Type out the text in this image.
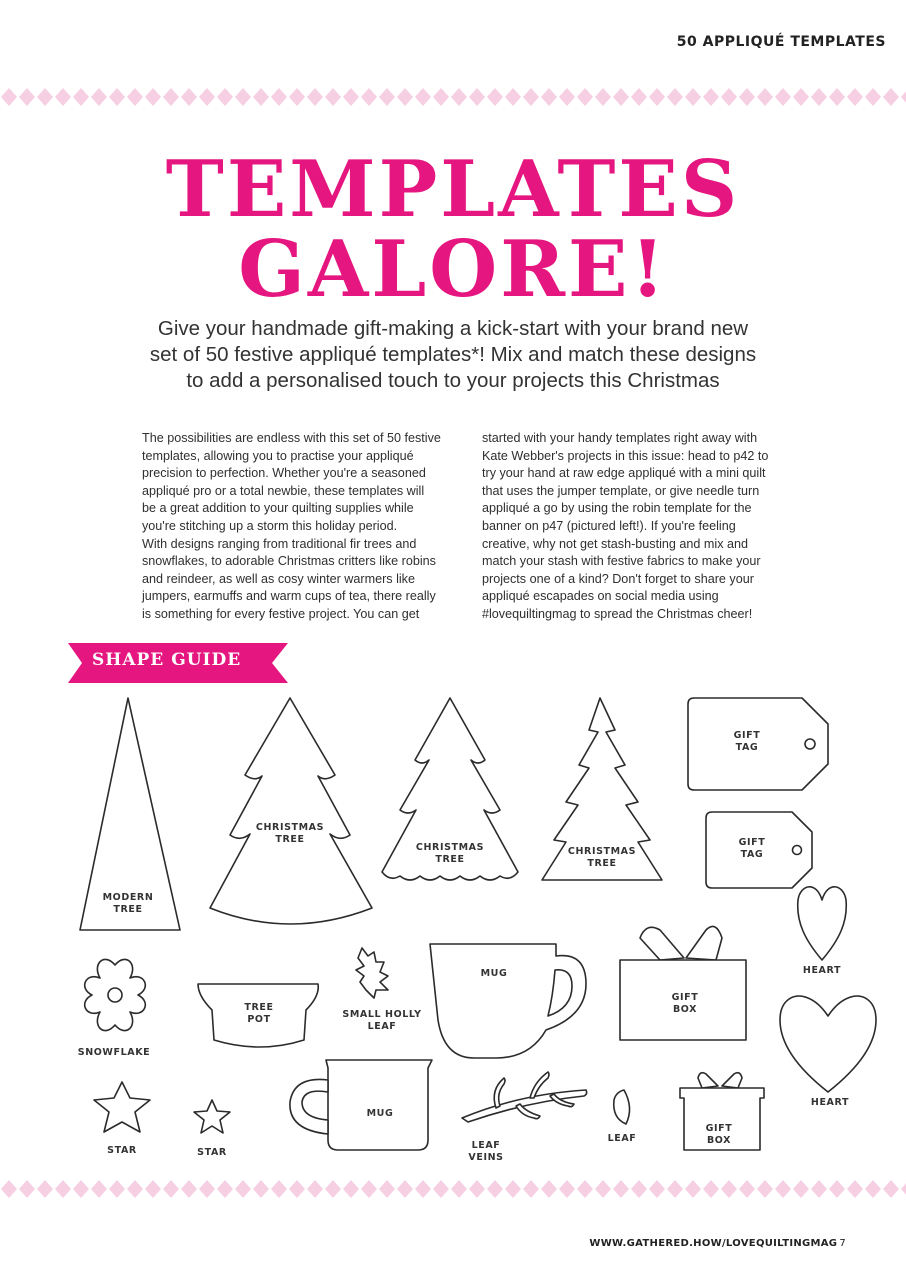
50 APPLIQUÉ TEMPLATES
TEMPLATES
GALORE!
Give your handmade gift-making a kick-start with your brand new
set of 50 festive appliqué templates*! Mix and match these designs
to add a personalised touch to your projects this Christmas

The possibilities are endless with this set of 50 festive

templates, allowing you to practise your appliqué

precision to perfection. Whether you're a seasoned

appliqué pro or a total newbie, these templates will

be a great addition to your quilting supplies while

you're stitching up a storm this holiday period.

With designs ranging from traditional fir trees and

snowflakes, to adorable Christmas critters like robins

and reindeer, as well as cosy winter warmers like

jumpers, earmuffs and warm cups of tea, there really

is something for every festive project. You can get

started with your handy templates right away with

Kate Webber's projects in this issue: head to p42 to

try your hand at raw edge appliqué with a mini quilt

that uses the jumper template, or give needle turn

appliqué a go by using the robin template for the

banner on p47 (pictured left!). If you're feeling

creative, why not get stash-busting and mix and

match your stash with festive fabrics to make your

projects one of a kind? Don't forget to share your

appliqué escapades on social media using

#lovequiltingmag to spread the Christmas cheer!

SHAPE GUIDE
MODERN
TREE
CHRISTMAS
TREE
CHRISTMAS
TREE
CHRISTMAS
TREE
GIFT
TAG
GIFT
TAG
HEART
SNOWFLAKE
TREE
POT	SMALL HOLLY
LEAF
MUG
GIFT
BOX
HEART
STAR	STAR
MUG
LEAF
VEINS
LEAF
GIFT
BOX
WWW.GATHERED.HOW/LOVEQUILTINGMAG 7
